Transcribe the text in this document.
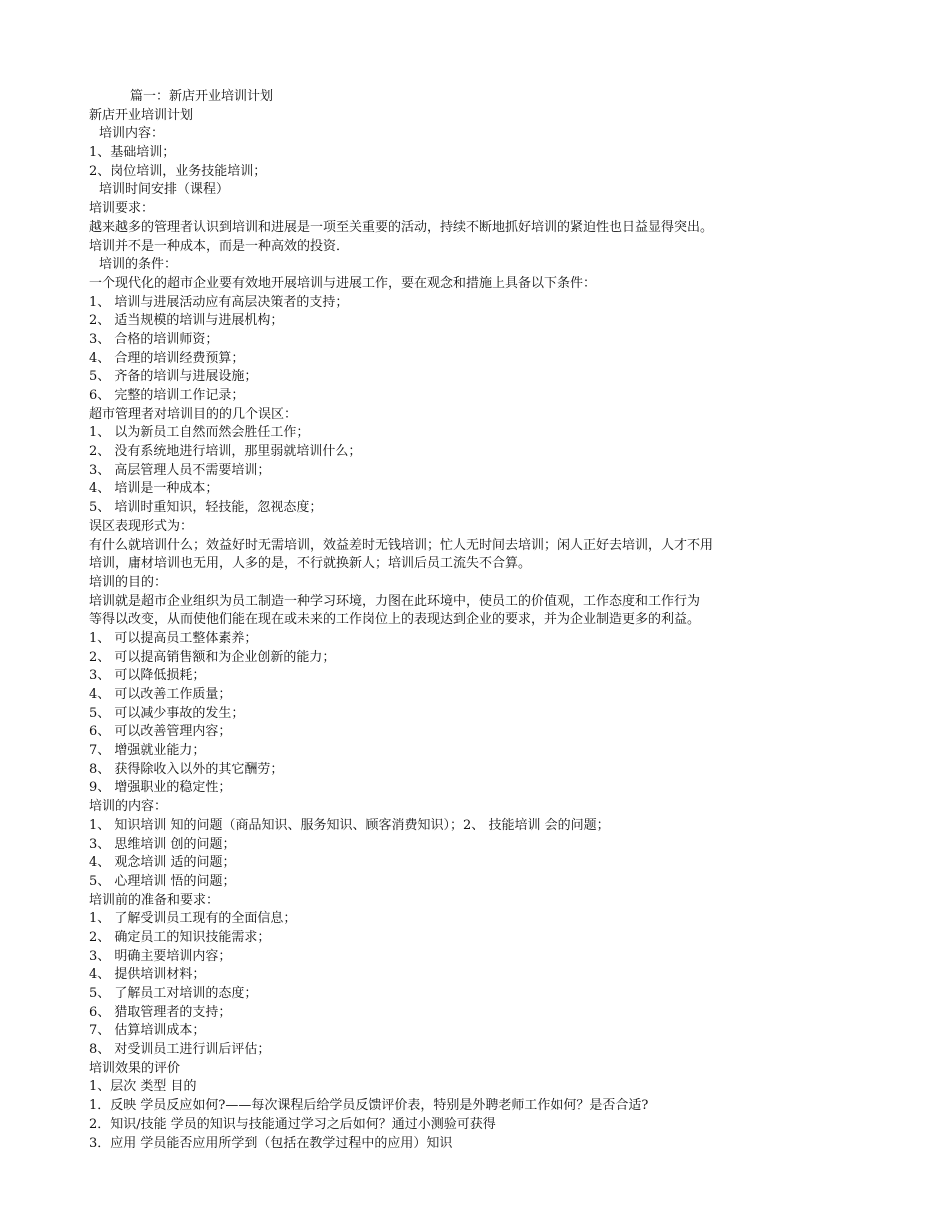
篇一：新店开业培训计划
新店开业培训计划
培训内容：
1、基础培训；
2、岗位培训，业务技能培训；
培训时间安排（课程）
培训要求：
越来越多的管理者认识到培训和进展是一项至关重要的活动，持续不断地抓好培训的紧迫性也日益显得突出。
培训并不是一种成本，而是一种高效的投资．
培训的条件：
一个现代化的超市企业要有效地开展培训与进展工作，要在观念和措施上具备以下条件：
1、 培训与进展活动应有高层决策者的支持；
2、 适当规模的培训与进展机构；
3、 合格的培训师资；
4、 合理的培训经费预算；
5、 齐备的培训与进展设施；
6、 完整的培训工作记录；
超市管理者对培训目的的几个误区：
1、 以为新员工自然而然会胜任工作；
2、 没有系统地进行培训，那里弱就培训什么；
3、 高层管理人员不需要培训；
4、 培训是一种成本；
5、 培训时重知识，轻技能，忽视态度；
误区表现形式为：
有什么就培训什么；效益好时无需培训，效益差时无钱培训；忙人无时间去培训；闲人正好去培训，人才不用
培训，庸材培训也无用，人多的是，不行就换新人；培训后员工流失不合算。
培训的目的：
培训就是超市企业组织为员工制造一种学习环境，力图在此环境中，使员工的价值观，工作态度和工作行为
等得以改变，从而使他们能在现在或未来的工作岗位上的表现达到企业的要求，并为企业制造更多的利益。
1、 可以提高员工整体素养；
2、 可以提高销售额和为企业创新的能力；
3、 可以降低损耗；
4、 可以改善工作质量；
5、 可以减少事故的发生；
6、 可以改善管理内容；
7、 增强就业能力；
8、 获得除收入以外的其它酬劳；
9、 增强职业的稳定性；
培训的内容：
1、 知识培训 知的问题（商品知识、服务知识、顾客消费知识）；2、 技能培训 会的问题；
3、 思维培训 创的问题；
4、 观念培训 适的问题；
5、 心理培训 悟的问题；
培训前的准备和要求：
1、 了解受训员工现有的全面信息；
2、 确定员工的知识技能需求；
3、 明确主要培训内容；
4、 提供培训材料；
5、 了解员工对培训的态度；
6、 猎取管理者的支持；
7、 估算培训成本；
8、 对受训员工进行训后评估；
培训效果的评价
1、层次 类型 目的
1．反映 学员反应如何?——每次课程后给学员反馈评价表，特别是外聘老师工作如何？是否合适?
2．知识/技能 学员的知识与技能通过学习之后如何？通过小测验可获得
3．应用 学员能否应用所学到（包括在教学过程中的应用）知识
